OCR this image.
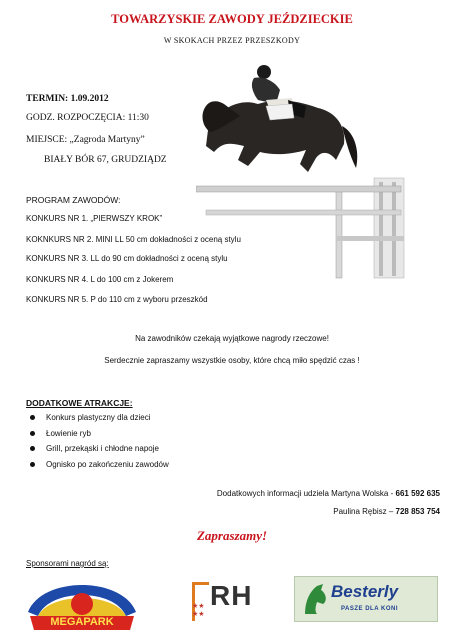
TOWARZYSKIE ZAWODY JEŹDZIECKIE
W SKOKACH PRZEZ PRZESZKODY
TERMIN: 1.09.2012
GODZ. ROZPOCZĘCIA: 11:30
MIEJSCE: „Zagroda Martyny”
BIAŁY BÓR 67, GRUDZIĄDZ
PROGRAM ZAWODÓW:
KONKURS NR 1. „PIERWSZY KROK”
KOKNKURS NR 2. MINI LL 50 cm dokładności z oceną stylu
KONKURS NR 3. LL do 90 cm dokładności z oceną stylu
KONKURS NR 4. L do 100 cm z Jokerem
KONKURS NR 5. P do 110 cm z wyboru przeszkód
Na zawodników czekają wyjątkowe nagrody rzeczowe!
Serdecznie zapraszamy wszystkie osoby, które chcą miło spędzić czas !
DODATKOWE ATRAKCJE:
Konkurs plastyczny dla dzieci
Łowienie ryb
Grill, przekąski i chłodne napoje
Ognisko po zakończeniu zawodów
Dodatkowych informacji udziela Martyna Wolska - 661 592 635
Paulina Rębisz – 728 853 754
Zapraszamy!
Sponsorami nagród są:
MEGAPARK
★★
★★
RH	Besterly
PASZE DLA KONI
